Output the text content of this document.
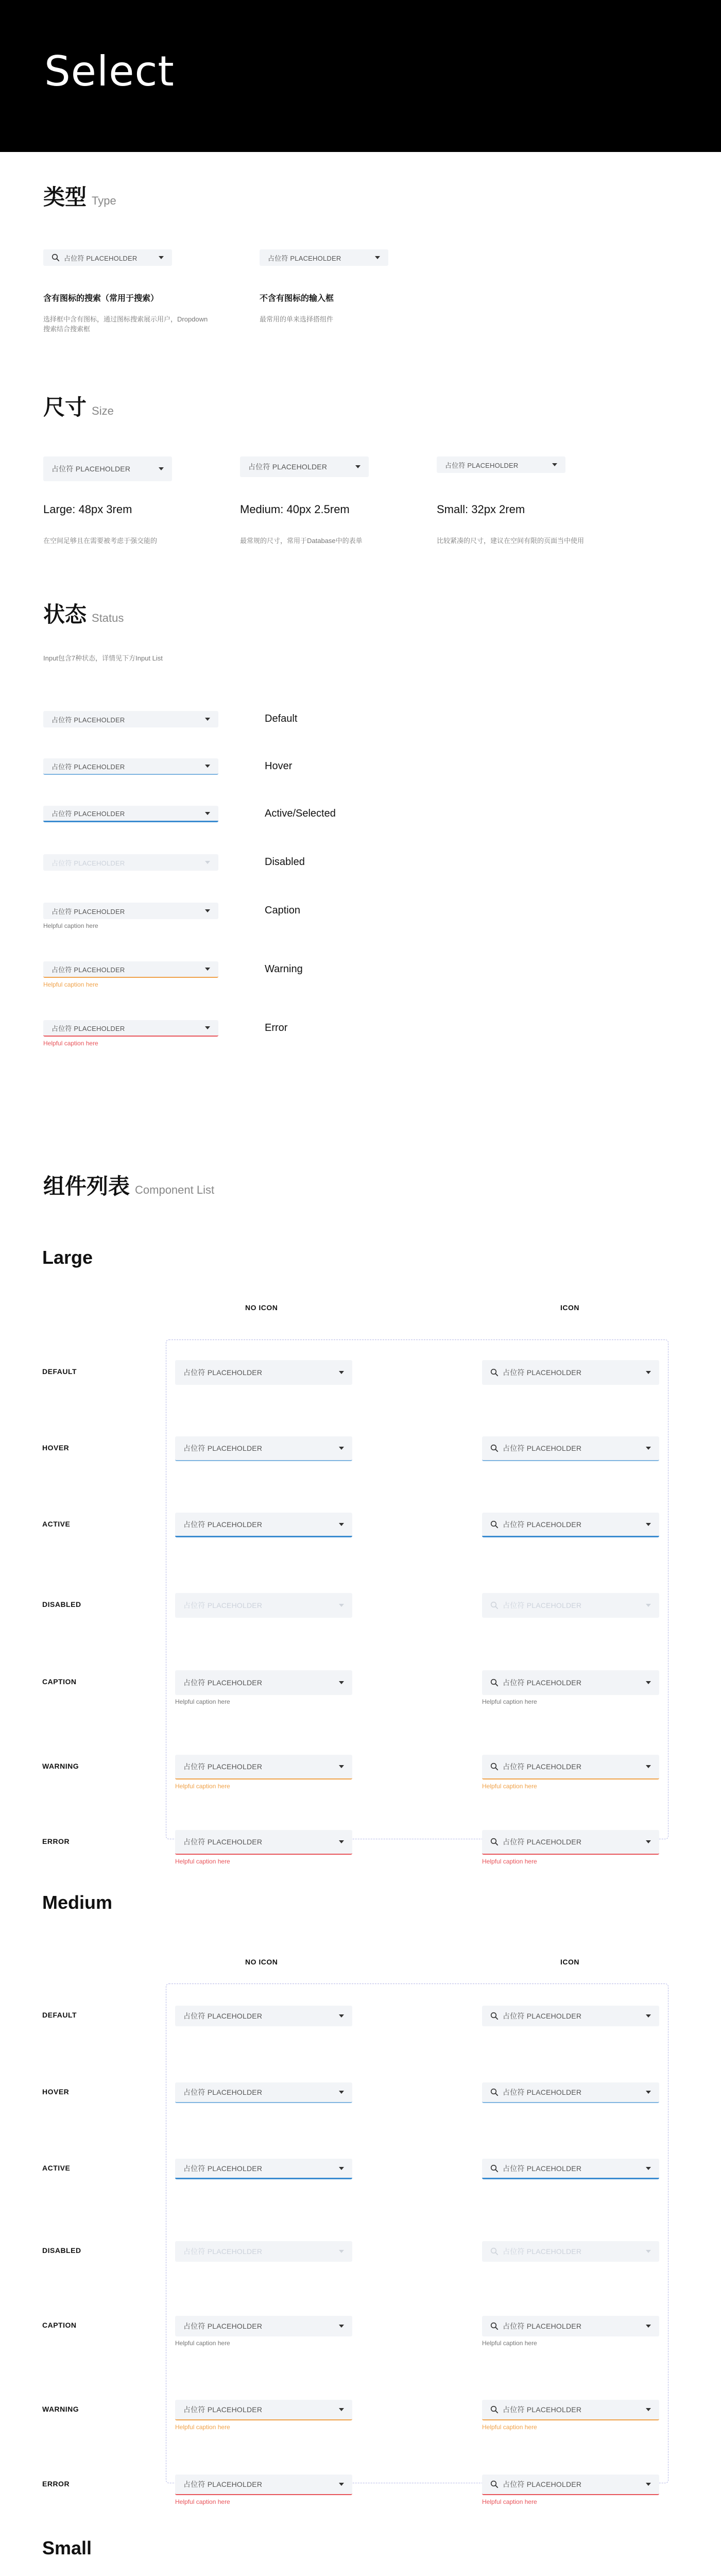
Select
类型 Type
占位符 PLACEHOLDER	占位符 PLACEHOLDER
含有图标的搜索（常用于搜索）
选择框中含有图标，通过图标搜索展示用户，Dropdown搜索结合搜索框
不含有图标的输入框
最常用的单来选择搭组件
尺寸 Size
占位符 PLACEHOLDER	占位符 PLACEHOLDER	占位符 PLACEHOLDER
Large: 48px 3rem
在空间足够且在需要被考虑于强交能的
Medium: 40px 2.5rem
最常规的尺寸，常用于Database中的表单
Small: 32px 2rem
比较紧凑的尺寸，建议在空间有限的页面当中使用
状态 Status
Input包含7种状态，详情见下方Input List
占位符 PLACEHOLDER	Default
占位符 PLACEHOLDER	Hover
占位符 PLACEHOLDER	Active/Selected
占位符 PLACEHOLDER	Disabled
占位符 PLACEHOLDER
Helpful caption here
Caption
占位符 PLACEHOLDER
Helpful caption here
Warning
占位符 PLACEHOLDER
Helpful caption here
Error
组件列表 Component List
Large
NO ICON	ICON
DEFAULT	占位符 PLACEHOLDER	占位符 PLACEHOLDER
HOVER	占位符 PLACEHOLDER	占位符 PLACEHOLDER
ACTIVE	占位符 PLACEHOLDER	占位符 PLACEHOLDER
DISABLED	占位符 PLACEHOLDER	占位符 PLACEHOLDER
CAPTION	占位符 PLACEHOLDER	占位符 PLACEHOLDER
Helpful caption here	Helpful caption here
WARNING	占位符 PLACEHOLDER	占位符 PLACEHOLDER
Helpful caption here	Helpful caption here
ERROR	占位符 PLACEHOLDER	占位符 PLACEHOLDER
Helpful caption here	Helpful caption here
Medium
NO ICON	ICON
DEFAULT	占位符 PLACEHOLDER	占位符 PLACEHOLDER
HOVER	占位符 PLACEHOLDER	占位符 PLACEHOLDER
ACTIVE	占位符 PLACEHOLDER	占位符 PLACEHOLDER
DISABLED	占位符 PLACEHOLDER	占位符 PLACEHOLDER
CAPTION	占位符 PLACEHOLDER	占位符 PLACEHOLDER
Helpful caption here	Helpful caption here
WARNING	占位符 PLACEHOLDER	占位符 PLACEHOLDER
Helpful caption here	Helpful caption here
ERROR	占位符 PLACEHOLDER	占位符 PLACEHOLDER
Helpful caption here	Helpful caption here
Small
